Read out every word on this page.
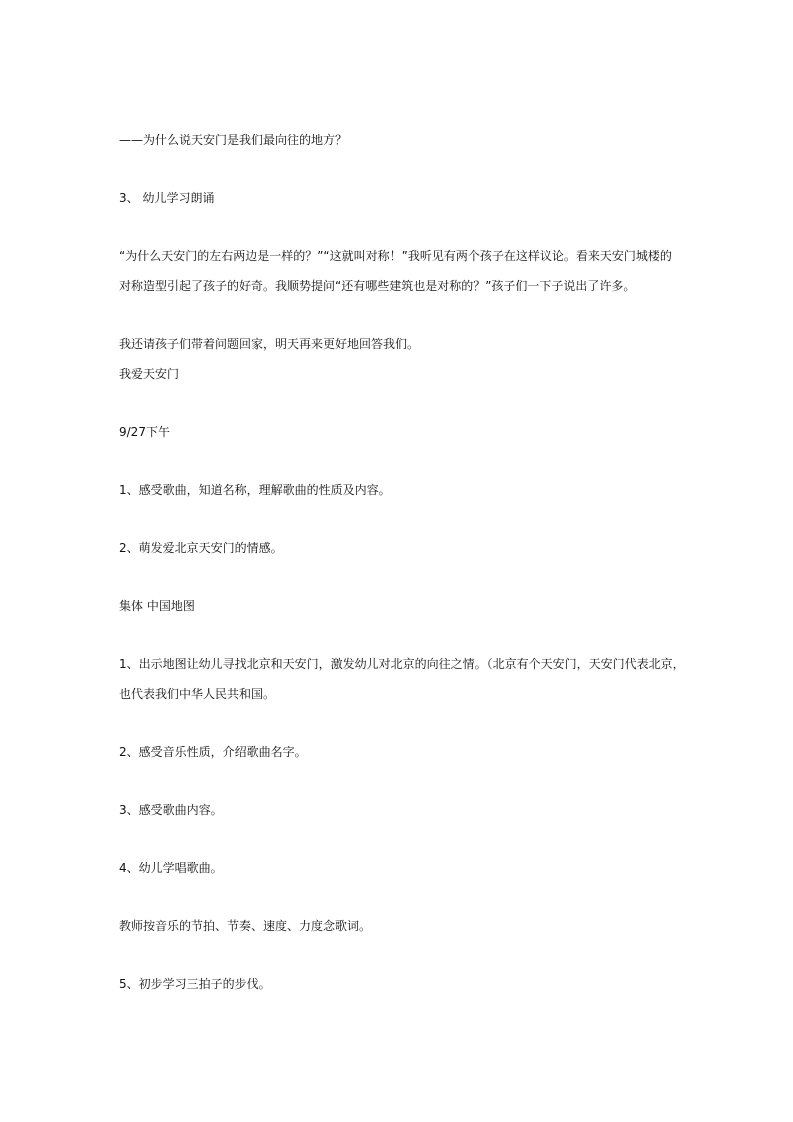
——为什么说天安门是我们最向往的地方？
3、 幼儿学习朗诵
“为什么天安门的左右两边是一样的？”“这就叫对称！”我听见有两个孩子在这样议论。看来天安门城楼的
对称造型引起了孩子的好奇。我顺势提问“还有哪些建筑也是对称的？”孩子们一下子说出了许多。
我还请孩子们带着问题回家，明天再来更好地回答我们。
我爱天安门
9/27下午
1、感受歌曲，知道名称，理解歌曲的性质及内容。
2、萌发爱北京天安门的情感。
集体 中国地图
1、出示地图让幼儿寻找北京和天安门，激发幼儿对北京的向往之情。（北京有个天安门，天安门代表北京，
也代表我们中华人民共和国。
2、感受音乐性质，介绍歌曲名字。
3、感受歌曲内容。
4、幼儿学唱歌曲。
教师按音乐的节拍、节奏、速度、力度念歌词。
5、初步学习三拍子的步伐。
